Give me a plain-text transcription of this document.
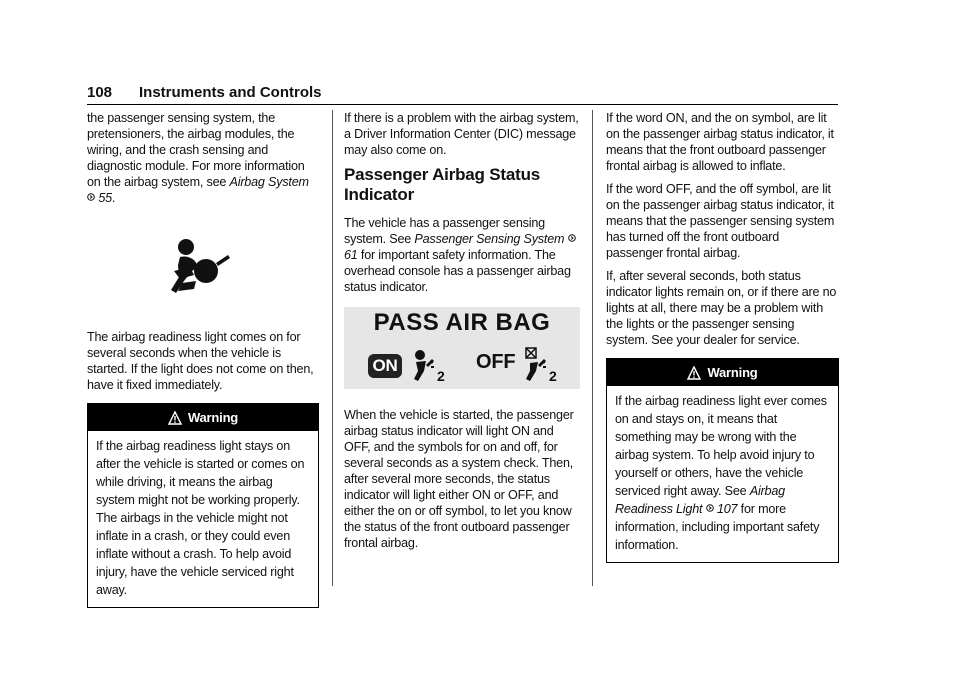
108 Instruments and Controls

the passenger sensing system, the pretensioners, the airbag modules, the wiring, and the crash sensing and diagnostic module. For more information on the airbag system, see Airbag System  55.

The airbag readiness light comes on for several seconds when the vehicle is started. If the light does not come on then, have it fixed immediately.

Warning
If the airbag readiness light stays on after the vehicle is started or comes on while driving, it means the airbag system might not be working properly. The airbags in the vehicle might not inflate in a crash, or they could even inflate without a crash. To help avoid injury, have the vehicle serviced right away.

If there is a problem with the airbag system, a Driver Information Center (DIC) message may also come on.

Passenger Airbag Status Indicator

The vehicle has a passenger sensing system. See Passenger Sensing System  61 for important safety information. The overhead console has a passenger airbag status indicator.

PASS AIR BAG
ON
2
OFF
2

When the vehicle is started, the passenger airbag status indicator will light ON and OFF, and the symbols for on and off, for several seconds as a system check. Then, after several more seconds, the status indicator will light either ON or OFF, and either the on or off symbol, to let you know the status of the front outboard passenger frontal airbag.

If the word ON, and the on symbol, are lit on the passenger airbag status indicator, it means that the front outboard passenger frontal airbag is allowed to inflate.

If the word OFF, and the off symbol, are lit on the passenger airbag status indicator, it means that the passenger sensing system has turned off the front outboard passenger frontal airbag.

If, after several seconds, both status indicator lights remain on, or if there are no lights at all, there may be a problem with the lights or the passenger sensing system. See your dealer for service.

Warning
If the airbag readiness light ever comes on and stays on, it means that something may be wrong with the airbag system. To help avoid injury to yourself or others, have the vehicle serviced right away. See Airbag Readiness Light 107 for more information, including important safety information.
